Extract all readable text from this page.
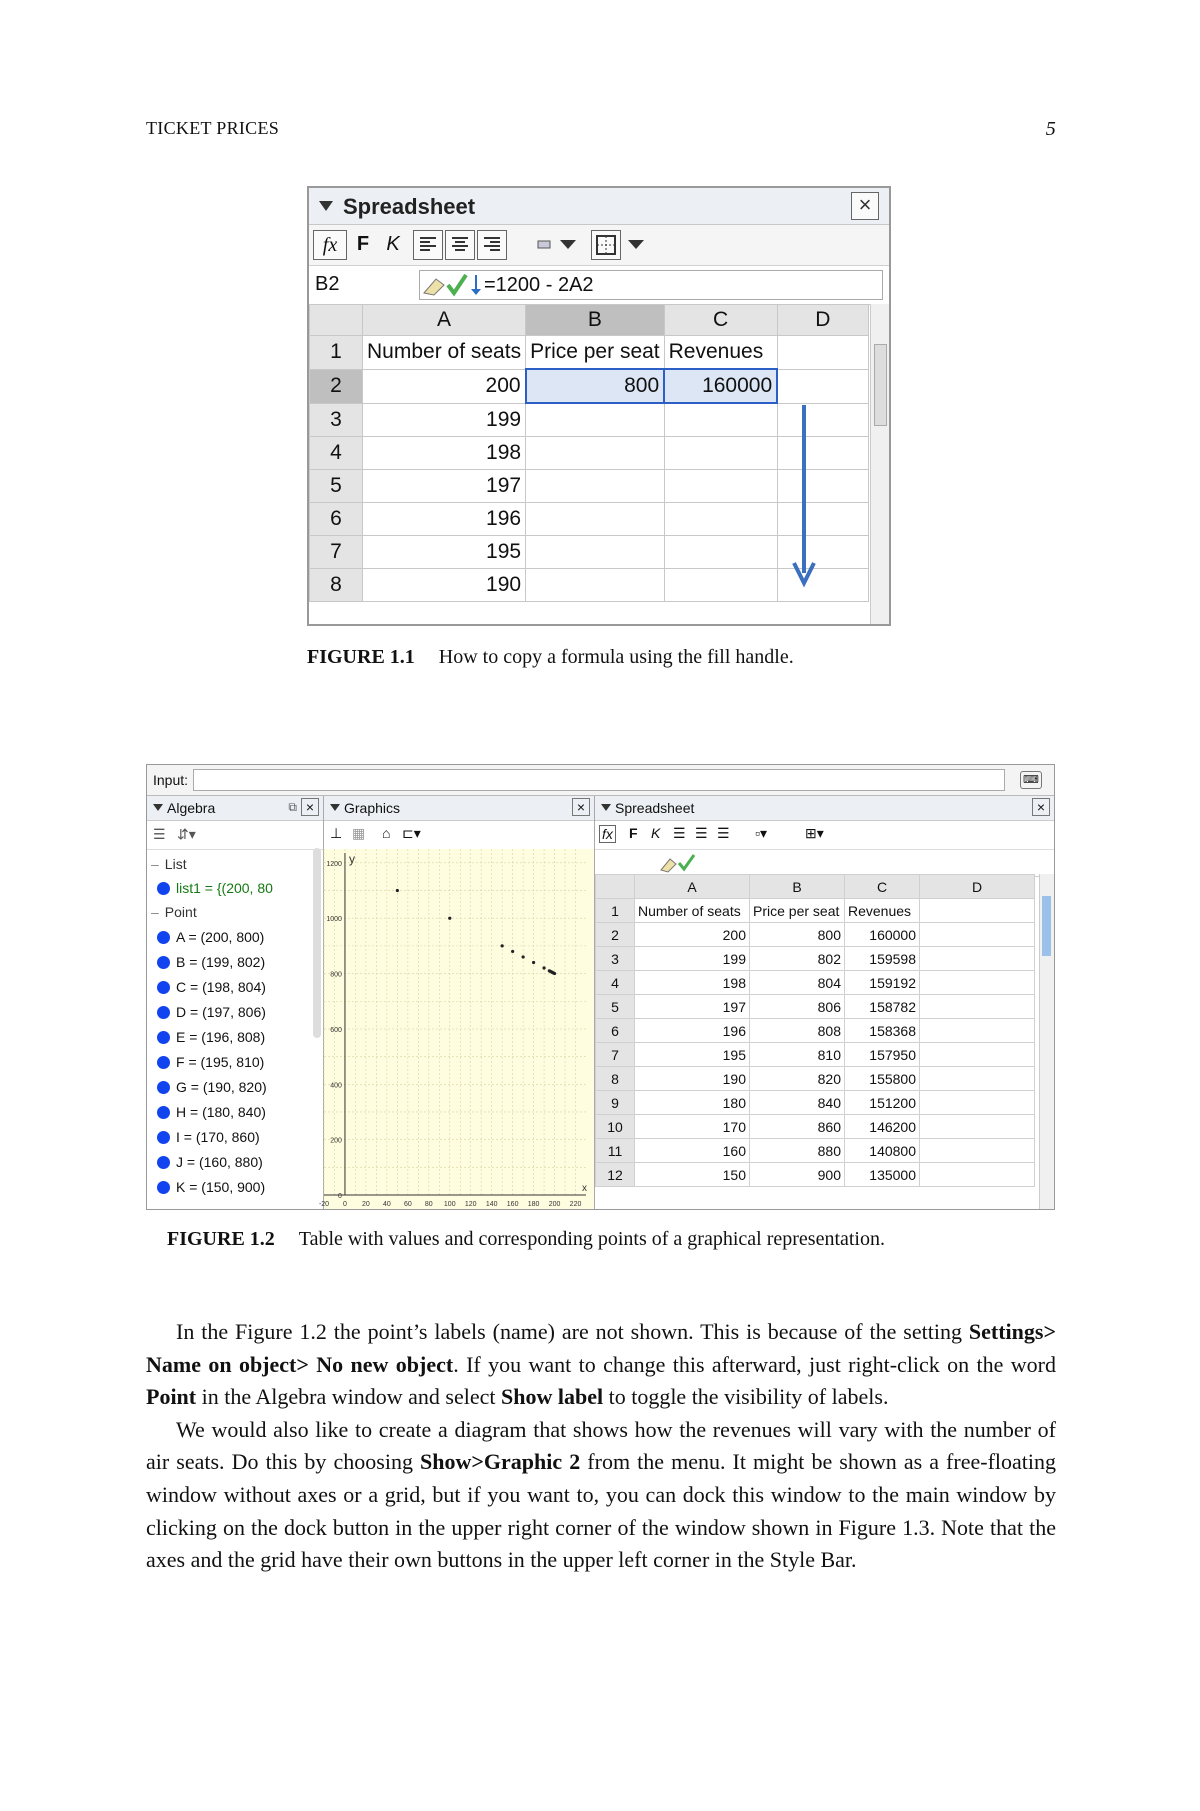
TICKET PRICES	5
Spreadsheet	×
fx F K
B2	=1200 - 2A2
	A	B	C	D
1	Number of seats	Price per seat	Revenues	
2	200	800	160000	
3	199			
4	198			
5	197			
6	196			
7	195			
8	190			
FIGURE 1.1 How to copy a formula using the fill handle.
Input:	⌨
Algebra	⧉ ×
☰ ⇵▾
– List
list1 = {(200, 80
– Point
A = (200, 800)
B = (199, 802)
C = (198, 804)
D = (197, 806)
E = (196, 808)
F = (195, 810)
G = (190, 820)
H = (180, 840)
I = (170, 860)
J = (160, 880)
K = (150, 900)
Graphics	×
⊥ ▦ ⌂ ⊏▾
-20 0 20 40 60 80 100 120 140 160 180 200 220
0
200
400
600
800
1000
1200
x
y
Spreadsheet	×
fx F K ☰ ☰ ☰ ▫▾	⊞▾
	A	B	C	D
1	Number of seats	Price per seat	Revenues	
2	200	800	160000	
3	199	802	159598	
4	198	804	159192	
5	197	806	158782	
6	196	808	158368	
7	195	810	157950	
8	190	820	155800	
9	180	840	151200	
10	170	860	146200	
11	160	880	140800	
12	150	900	135000	
FIGURE 1.2 Table with values and corresponding points of a graphical representation.

In the Figure 1.2 the point’s labels (name) are not shown. This is because of the setting Settings> Name on object> No new object. If you want to change this afterward, just right-click on the word Point in the Algebra window and select Show label to toggle the visibility of labels.

We would also like to create a diagram that shows how the revenues will vary with the number of air seats. Do this by choosing Show>Graphic 2 from the menu. It might be shown as a free-floating window without axes or a grid, but if you want to, you can dock this window to the main window by clicking on the dock button in the upper right corner of the window shown in Figure 1.3. Note that the axes and the grid have their own buttons in the upper left corner in the Style Bar.
